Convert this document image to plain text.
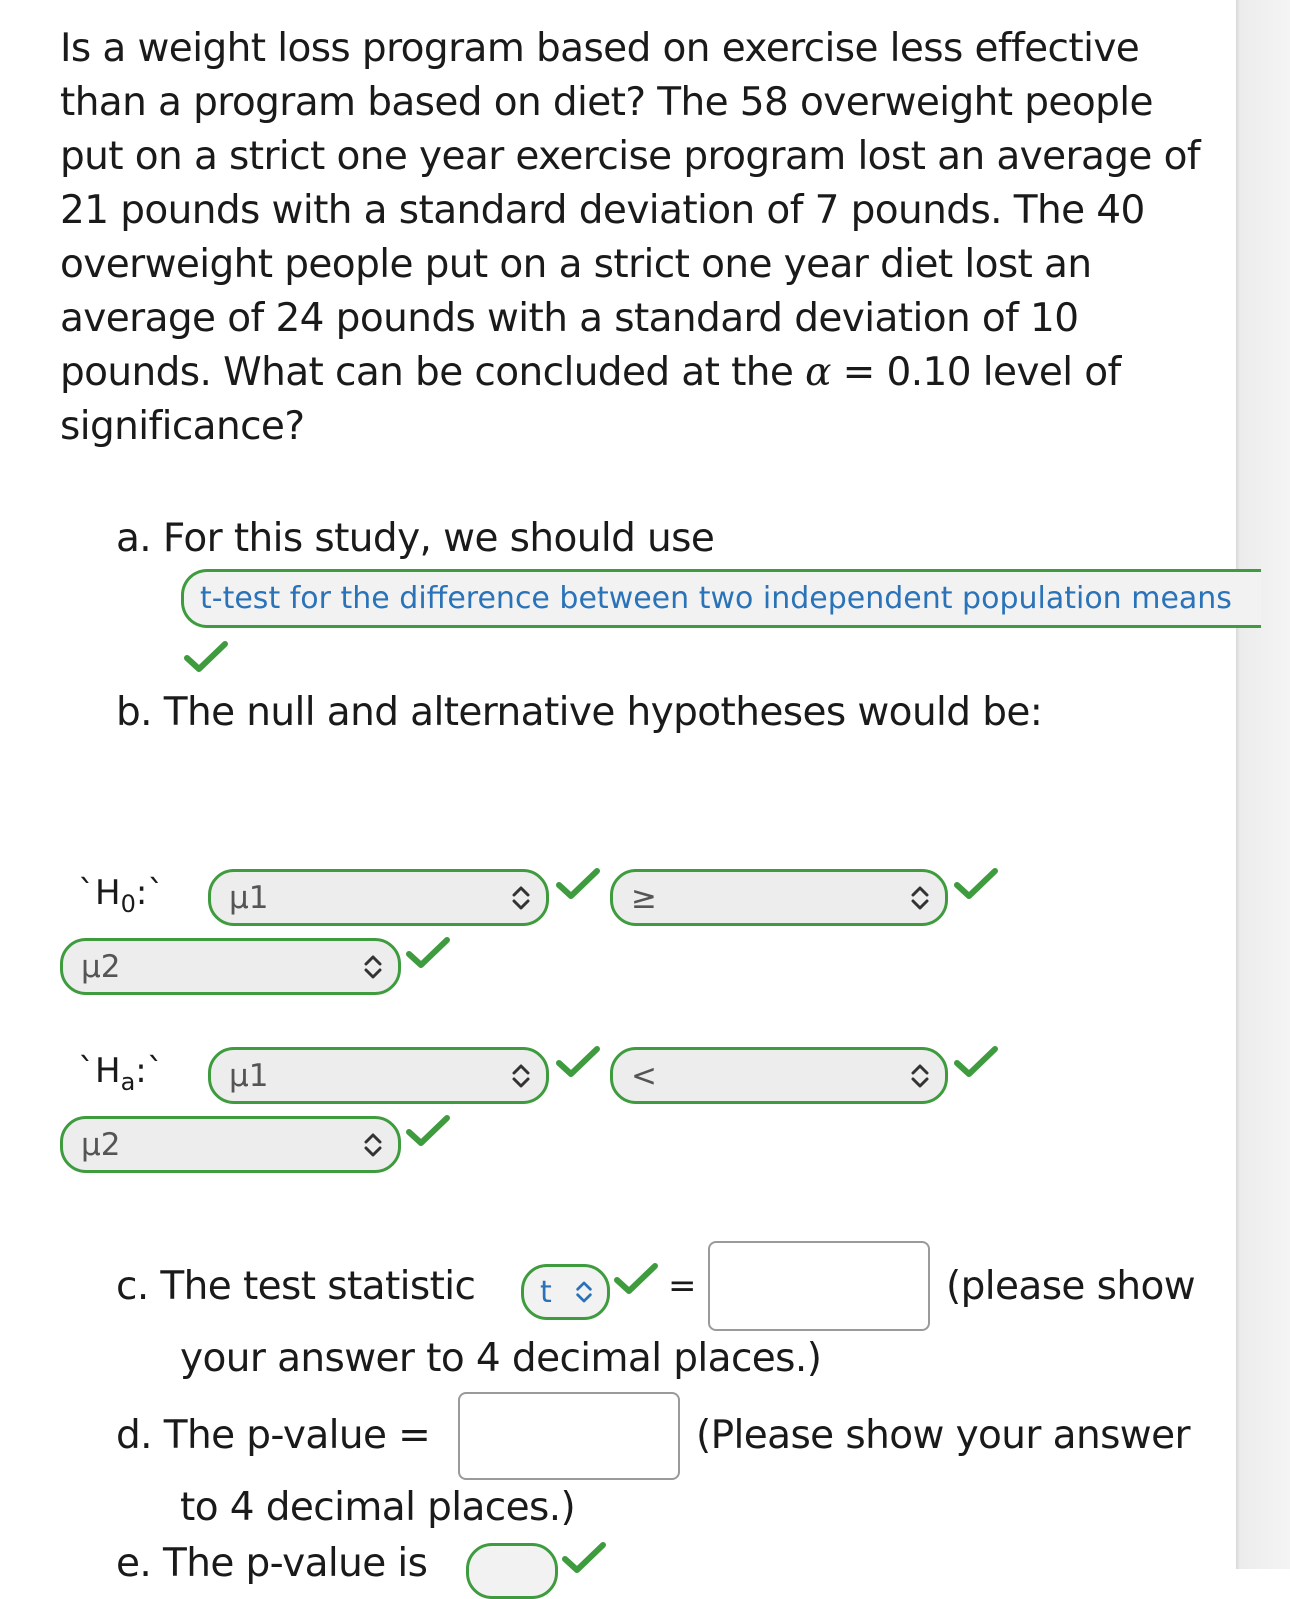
Is a weight loss program based on exercise less effective
than a program based on diet? The 58 overweight people
put on a strict one year exercise program lost an average of
21 pounds with a standard deviation of 7 pounds. The 40
overweight people put on a strict one year diet lost an
average of 24 pounds with a standard deviation of 10
pounds. What can be concluded at the α = 0.10 level of
significance?

a. For this study, we should use
t-test for the difference between two independent population means
b. The null and alternative hypotheses would be:
$`H_0:`$	μ1	≥
μ2
$`H_a:`$	μ1	<
μ2
c. The test statistic	t	=	(please show
your answer to 4 decimal places.)
d. The p-value =	(Please show your answer
to 4 decimal places.)
e. The p-value is
